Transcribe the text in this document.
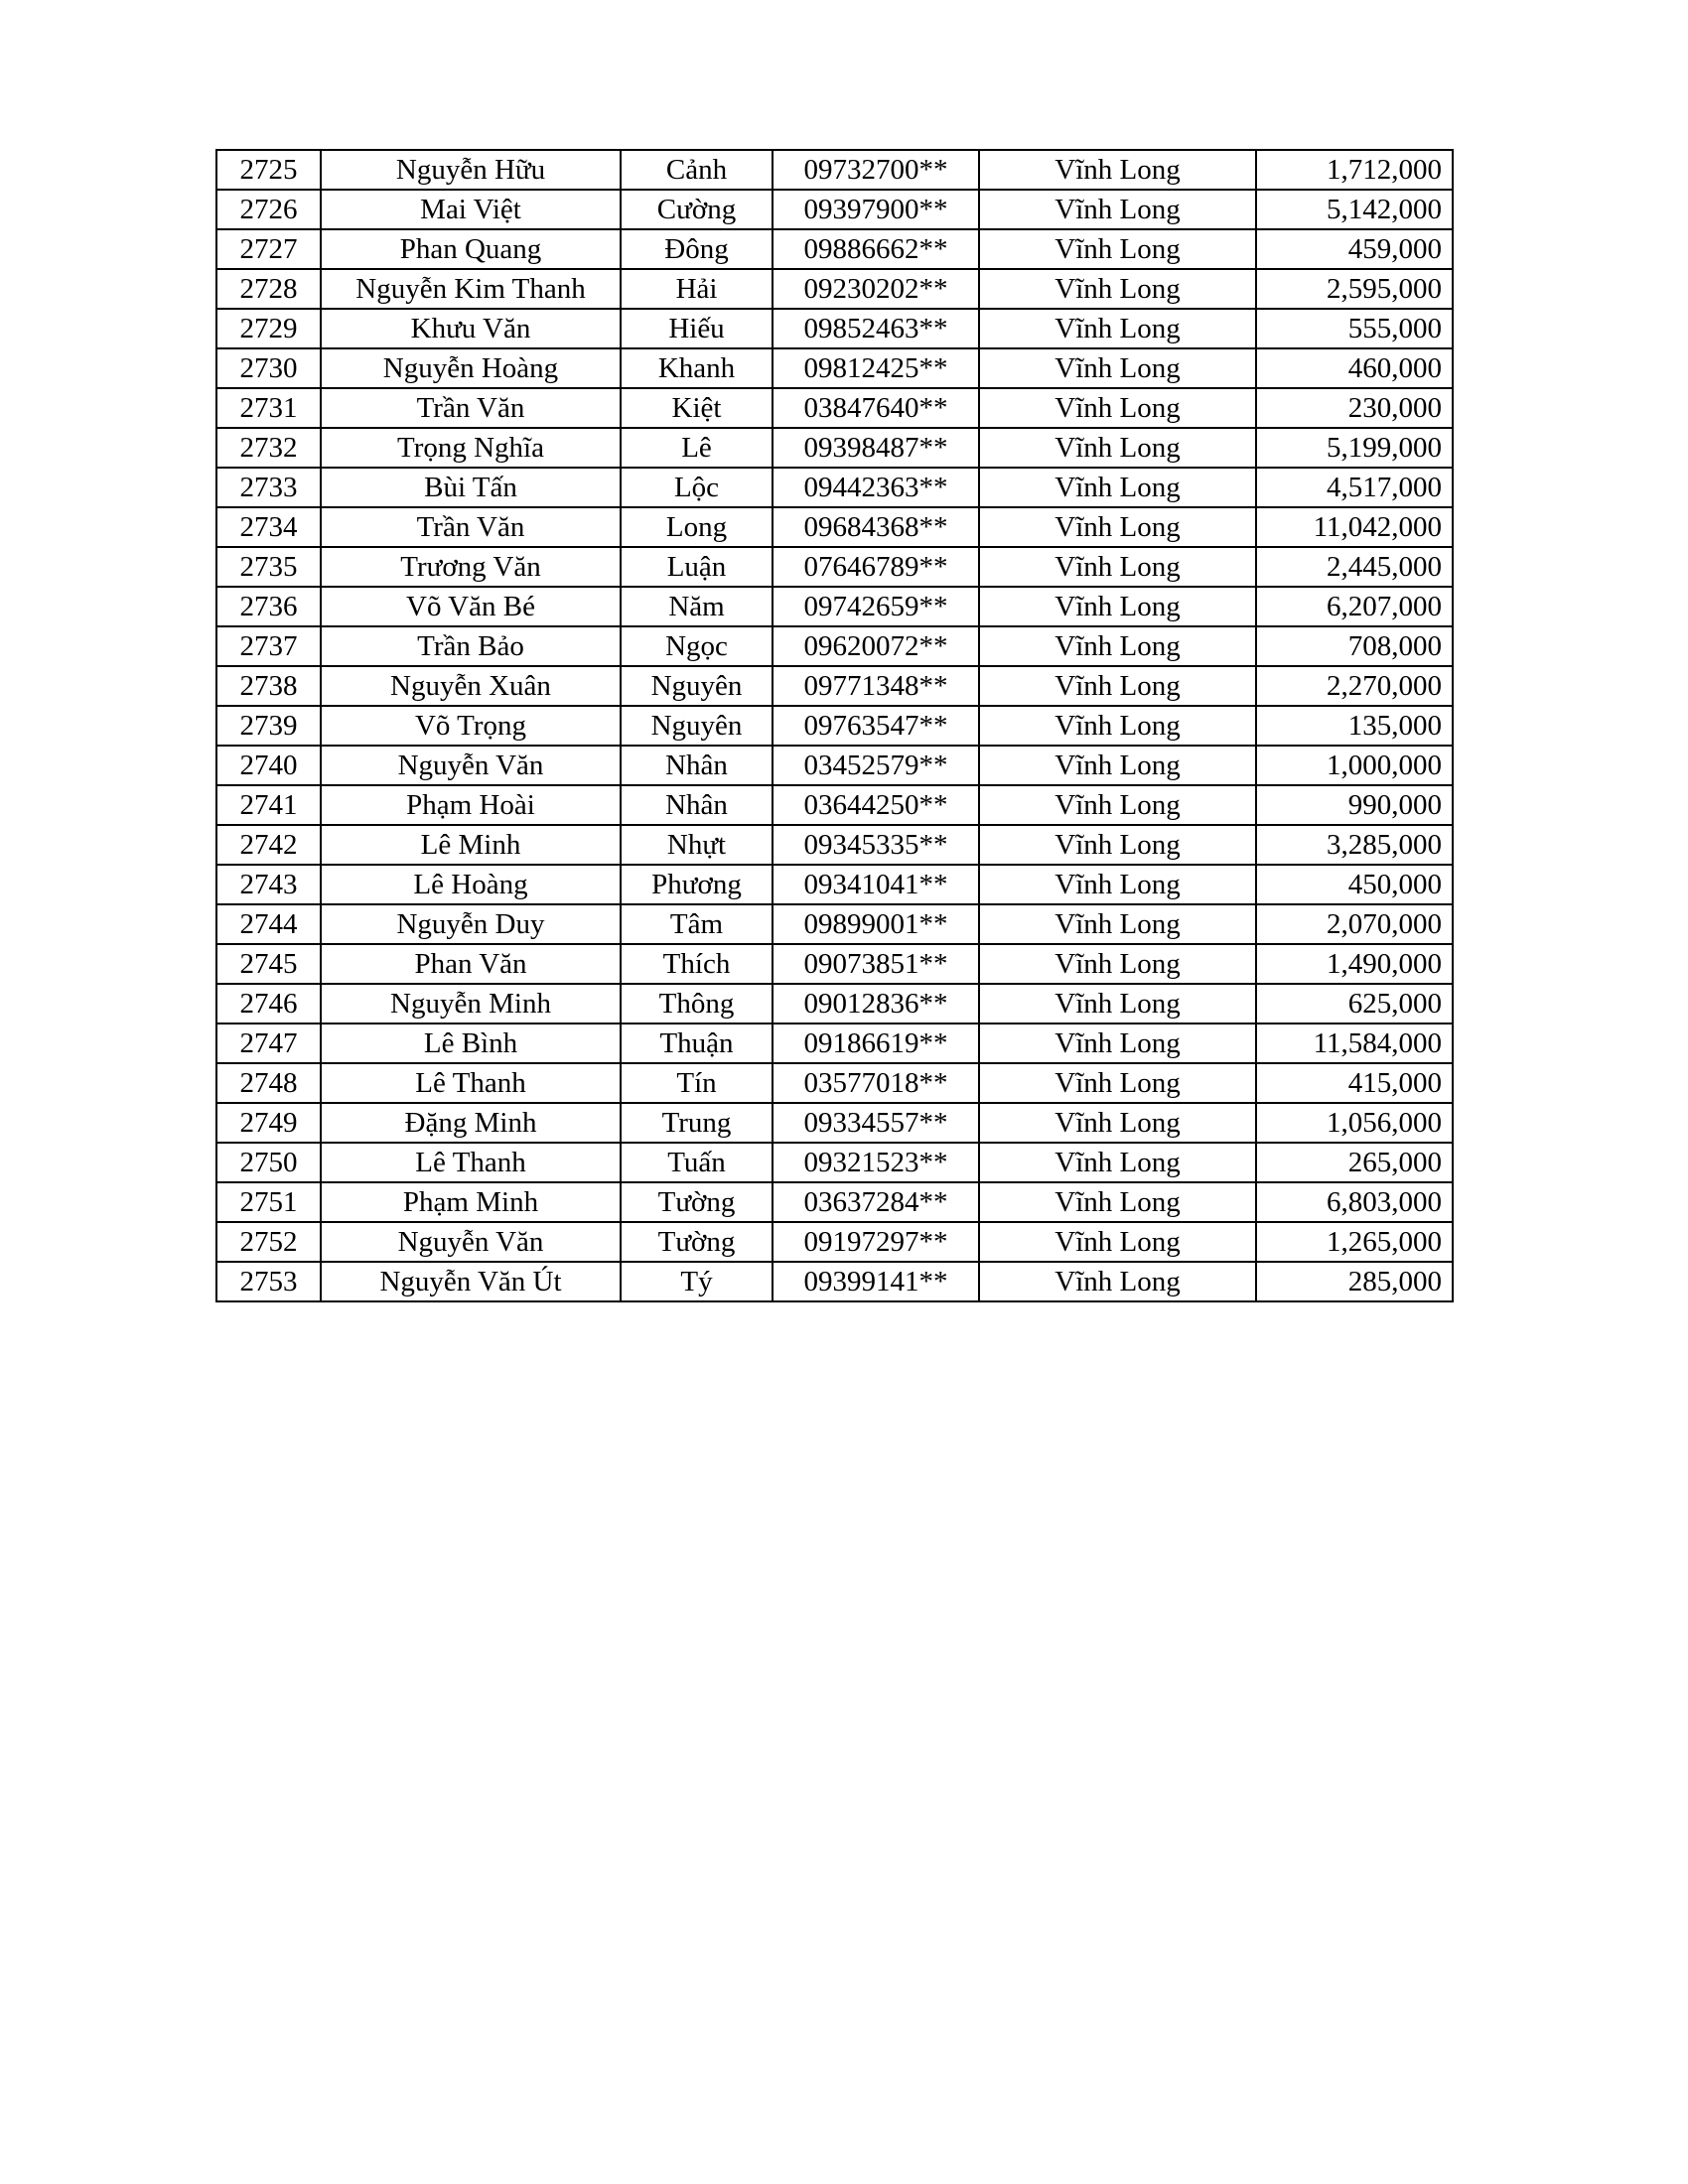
2725	Nguyễn Hữu	Cảnh	09732700**	Vĩnh Long	1,712,000
2726	Mai Việt	Cường	09397900**	Vĩnh Long	5,142,000
2727	Phan Quang	Đông	09886662**	Vĩnh Long	459,000
2728	Nguyễn Kim Thanh	Hải	09230202**	Vĩnh Long	2,595,000
2729	Khưu Văn	Hiếu	09852463**	Vĩnh Long	555,000
2730	Nguyễn Hoàng	Khanh	09812425**	Vĩnh Long	460,000
2731	Trần Văn	Kiệt	03847640**	Vĩnh Long	230,000
2732	Trọng Nghĩa	Lê	09398487**	Vĩnh Long	5,199,000
2733	Bùi Tấn	Lộc	09442363**	Vĩnh Long	4,517,000
2734	Trần Văn	Long	09684368**	Vĩnh Long	11,042,000
2735	Trương Văn	Luận	07646789**	Vĩnh Long	2,445,000
2736	Võ Văn Bé	Năm	09742659**	Vĩnh Long	6,207,000
2737	Trần Bảo	Ngọc	09620072**	Vĩnh Long	708,000
2738	Nguyễn Xuân	Nguyên	09771348**	Vĩnh Long	2,270,000
2739	Võ Trọng	Nguyên	09763547**	Vĩnh Long	135,000
2740	Nguyễn Văn	Nhân	03452579**	Vĩnh Long	1,000,000
2741	Phạm Hoài	Nhân	03644250**	Vĩnh Long	990,000
2742	Lê Minh	Nhựt	09345335**	Vĩnh Long	3,285,000
2743	Lê Hoàng	Phương	09341041**	Vĩnh Long	450,000
2744	Nguyễn Duy	Tâm	09899001**	Vĩnh Long	2,070,000
2745	Phan Văn	Thích	09073851**	Vĩnh Long	1,490,000
2746	Nguyễn Minh	Thông	09012836**	Vĩnh Long	625,000
2747	Lê Bình	Thuận	09186619**	Vĩnh Long	11,584,000
2748	Lê Thanh	Tín	03577018**	Vĩnh Long	415,000
2749	Đặng Minh	Trung	09334557**	Vĩnh Long	1,056,000
2750	Lê Thanh	Tuấn	09321523**	Vĩnh Long	265,000
2751	Phạm Minh	Tường	03637284**	Vĩnh Long	6,803,000
2752	Nguyễn Văn	Tường	09197297**	Vĩnh Long	1,265,000
2753	Nguyễn Văn Út	Tý	09399141**	Vĩnh Long	285,000
